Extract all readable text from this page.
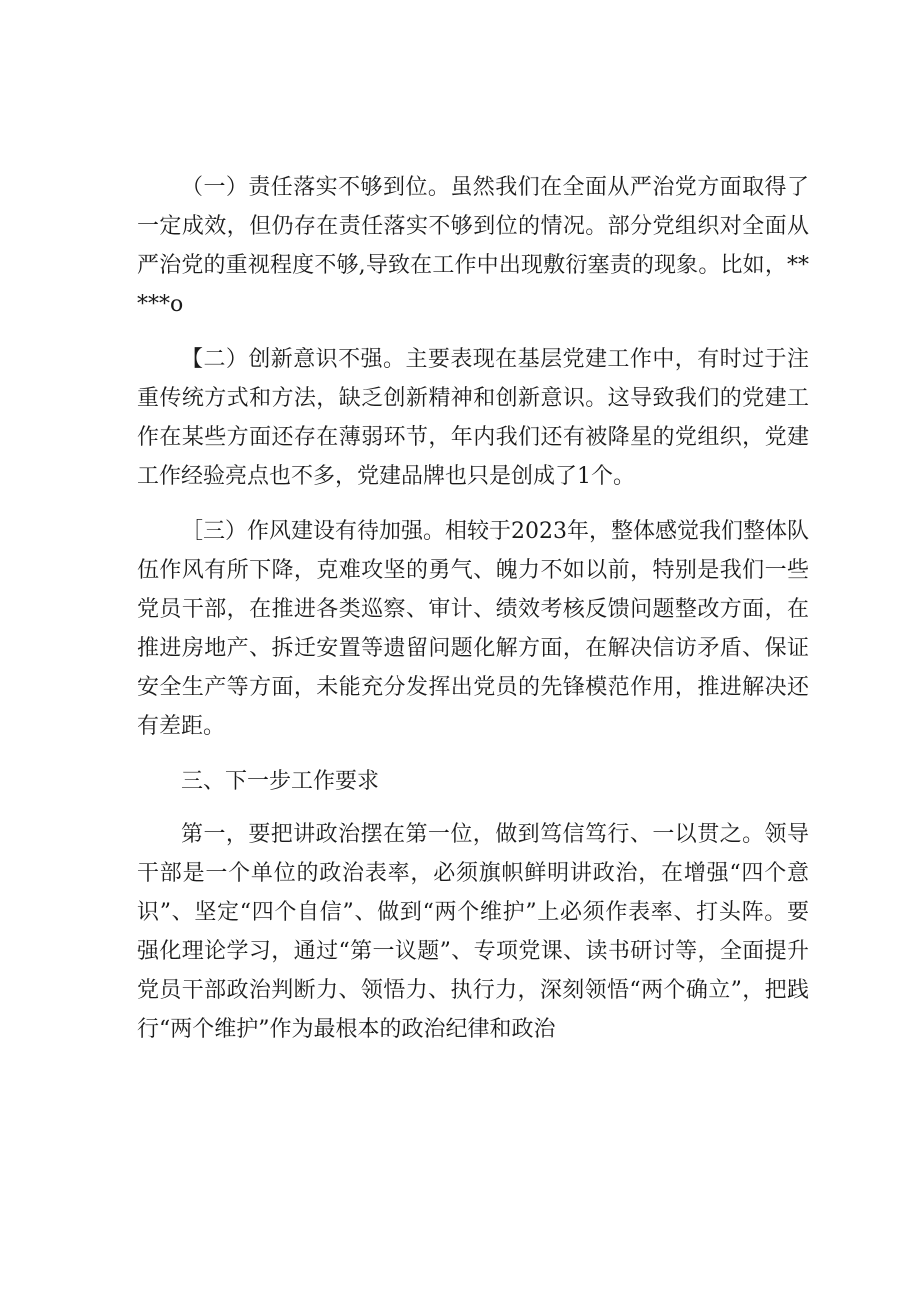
（一）责任落实不够到位。虽然我们在全面从严治党方面取得了一定成效，但仍存在责任落实不够到位的情况。部分党组织对全面从严治党的重视程度不够,导致在工作中出现敷衍塞责的现象。比如，*****o

【二）创新意识不强。主要表现在基层党建工作中，有时过于注重传统方式和方法，缺乏创新精神和创新意识。这导致我们的党建工作在某些方面还存在薄弱环节，年内我们还有被降星的党组织，党建工作经验亮点也不多，党建品牌也只是创成了1个。

［三）作风建设有待加强。相较于2023年，整体感觉我们整体队伍作风有所下降，克难攻坚的勇气、魄力不如以前，特别是我们一些党员干部，在推进各类巡察、审计、绩效考核反馈问题整改方面，在推进房地产、拆迁安置等遗留问题化解方面，在解决信访矛盾、保证安全生产等方面，未能充分发挥出党员的先锋模范作用，推进解决还有差距。

三、下一步工作要求

第一，要把讲政治摆在第一位，做到笃信笃行、一以贯之。领导干部是一个单位的政治表率，必须旗帜鲜明讲政治，在增强“四个意识”、坚定“四个自信”、做到“两个维护”上必须作表率、打头阵。要强化理论学习，通过“第一议题”、专项党课、读书研讨等，全面提升党员干部政治判断力、领悟力、执行力，深刻领悟“两个确立”，把践行“两个维护”作为最根本的政治纪律和政治
